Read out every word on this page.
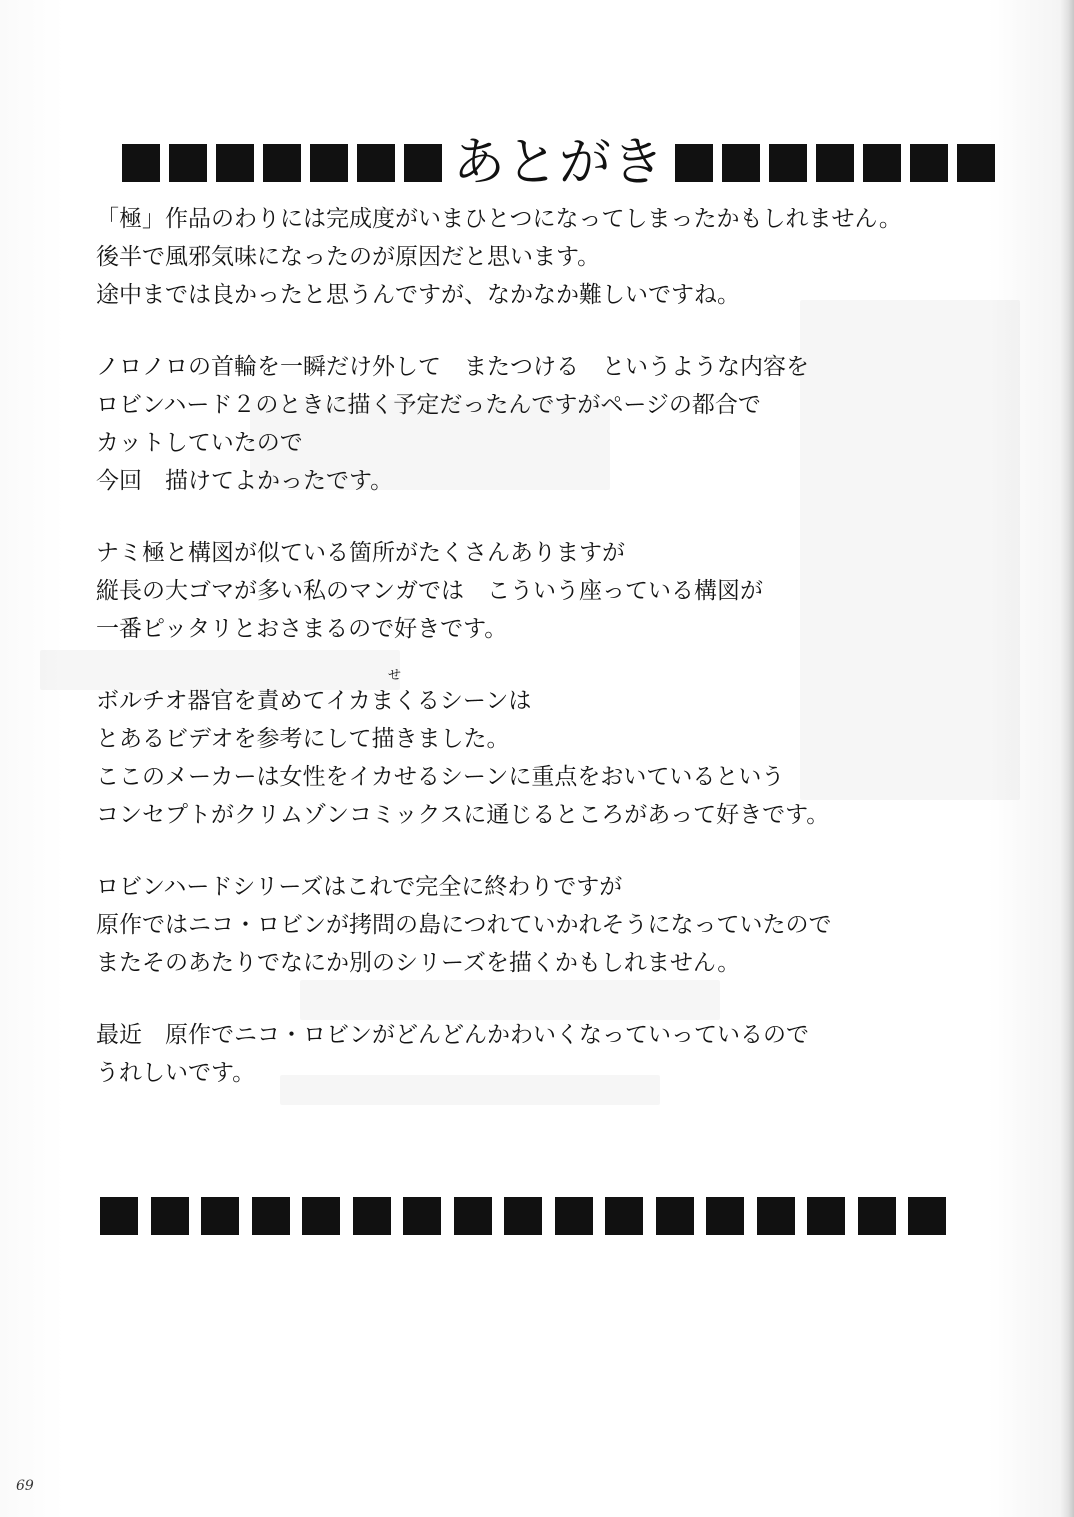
あとがき
「極」作品のわりには完成度がいまひとつになってしまったかもしれません。
後半で風邪気味になったのが原因だと思います。
途中までは良かったと思うんですが、なかなか難しいですね。
ノロノロの首輪を一瞬だけ外して　またつける　というような内容を
ロビンハード２のときに描く予定だったんですがページの都合で
カットしていたので
今回　描けてよかったです。
ナミ極と構図が似ている箇所がたくさんありますが
縦長の大ゴマが多い私のマンガでは　こういう座っている構図が
一番ピッタリとおさまるので好きです。
せ
ボルチオ器官を責めてイカまくるシーンは
とあるビデオを参考にして描きました。
ここのメーカーは女性をイカせるシーンに重点をおいているという
コンセプトがクリムゾンコミックスに通じるところがあって好きです。
ロビンハードシリーズはこれで完全に終わりですが
原作ではニコ・ロビンが拷問の島につれていかれそうになっていたので
またそのあたりでなにか別のシリーズを描くかもしれません。
最近　原作でニコ・ロビンがどんどんかわいくなっていっているので
うれしいです。
69
